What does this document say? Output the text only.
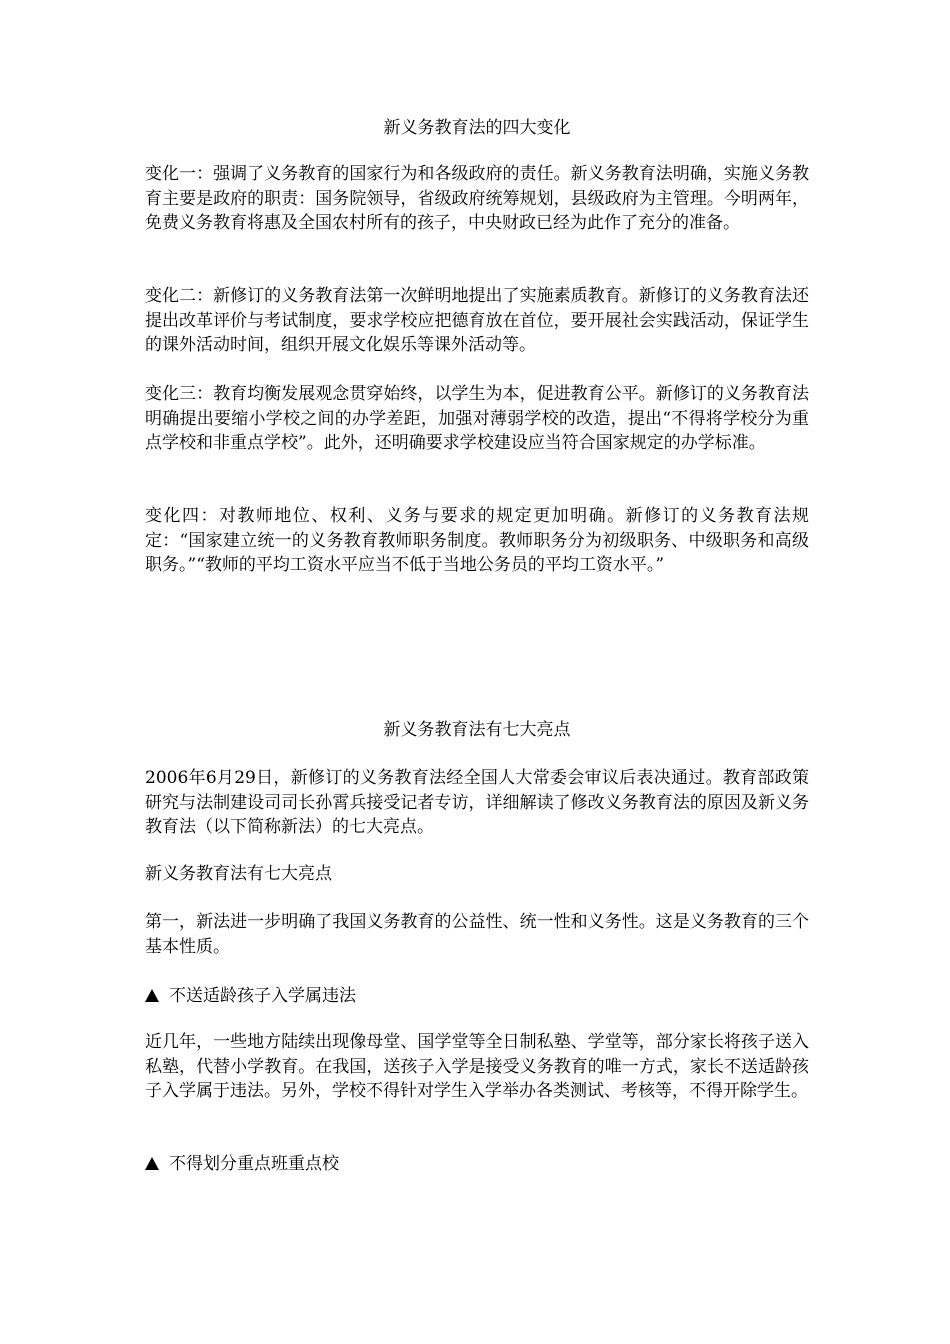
新义务教育法的四大变化

变化一：强调了义务教育的国家行为和各级政府的责任。新义务教育法明确，实施义务教育主要是政府的职责：国务院领导，省级政府统筹规划，县级政府为主管理。今明两年，免费义务教育将惠及全国农村所有的孩子，中央财政已经为此作了充分的准备。

变化二：新修订的义务教育法第一次鲜明地提出了实施素质教育。新修订的义务教育法还提出改革评价与考试制度，要求学校应把德育放在首位，要开展社会实践活动，保证学生的课外活动时间，组织开展文化娱乐等课外活动等。

变化三：教育均衡发展观念贯穿始终，以学生为本，促进教育公平。新修订的义务教育法明确提出要缩小学校之间的办学差距，加强对薄弱学校的改造，提出“不得将学校分为重点学校和非重点学校”。此外，还明确要求学校建设应当符合国家规定的办学标准。

变化四：对教师地位、权利、义务与要求的规定更加明确。新修订的义务教育法规定：“国家建立统一的义务教育教师职务制度。教师职务分为初级职务、中级职务和高级职务。”“教师的平均工资水平应当不低于当地公务员的平均工资水平。”

新义务教育法有七大亮点

2006年6月29日，新修订的义务教育法经全国人大常委会审议后表决通过。教育部政策研究与法制建设司司长孙霄兵接受记者专访，详细解读了修改义务教育法的原因及新义务教育法（以下简称新法）的七大亮点。

新义务教育法有七大亮点

第一，新法进一步明确了我国义务教育的公益性、统一性和义务性。这是义务教育的三个基本性质。

不送适龄孩子入学属违法

近几年，一些地方陆续出现像母堂、国学堂等全日制私塾、学堂等，部分家长将孩子送入私塾，代替小学教育。在我国，送孩子入学是接受义务教育的唯一方式，家长不送适龄孩子入学属于违法。另外，学校不得针对学生入学举办各类测试、考核等，不得开除学生。

不得划分重点班重点校
